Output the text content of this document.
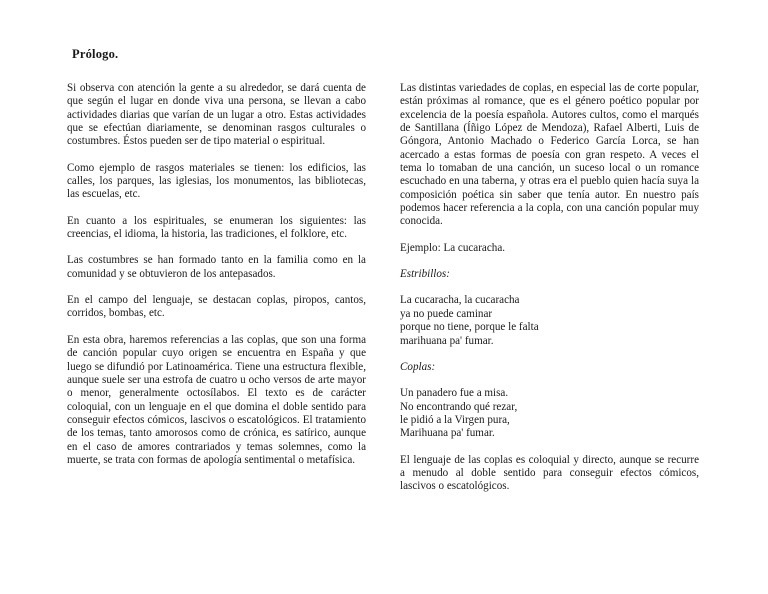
Prólogo.

Si observa con atención la gente a su alrededor, se dará cuenta de que según el lugar en donde viva una persona, se llevan a cabo actividades diarias que varían de un lugar a otro. Estas actividades que se efectúan diariamente, se denominan rasgos culturales o costumbres. Éstos pueden ser de tipo material o espiritual.

Como ejemplo de rasgos materiales se tienen: los edificios, las calles, los parques, las iglesias, los monumentos, las bibliotecas, las escuelas, etc.

En cuanto a los espirituales, se enumeran los siguientes: las creencias, el idioma, la historia, las tradiciones, el folklore, etc.

Las costumbres se han formado tanto en la familia como en la comunidad y se obtuvieron de los antepasados.

En el campo del lenguaje, se destacan coplas, piropos, cantos, corridos, bombas, etc.

En esta obra, haremos referencias a las coplas, que son una forma de canción popular cuyo origen se encuentra en España y que luego se difundió por Latinoamérica. Tiene una estructura flexible, aunque suele ser una estrofa de cuatro u ocho versos de arte mayor o menor, generalmente octosílabos. El texto es de carácter coloquial, con un lenguaje en el que domina el doble sentido para conseguir efectos cómicos, lascivos o escatológicos. El tratamiento de los temas, tanto amorosos como de crónica, es satírico, aunque en el caso de amores contrariados y temas solemnes, como la muerte, se trata con formas de apología sentimental o metafísica.

Las distintas variedades de coplas, en especial las de corte popular, están próximas al romance, que es el género poético popular por excelencia de la poesía española. Autores cultos, como el marqués de Santillana (Íñigo López de Mendoza), Rafael Alberti, Luis de Góngora, Antonio Machado o Federico García Lorca, se han acercado a estas formas de poesía con gran respeto. A veces el tema lo tomaban de una canción, un suceso local o un romance escuchado en una taberna, y otras era el pueblo quien hacía suya la composición poética sin saber que tenía autor. En nuestro país podemos hacer referencia a la copla, con una canción popular muy conocida.

Ejemplo: La cucaracha.

Estribillos:

La cucaracha, la cucaracha
ya no puede caminar
porque no tiene, porque le falta
marihuana pa' fumar.

Coplas:

Un panadero fue a misa.
No encontrando qué rezar,
le pidió a la Virgen pura,
Marihuana pa' fumar.

El lenguaje de las coplas es coloquial y directo, aunque se recurre a menudo al doble sentido para conseguir efectos cómicos, lascivos o escatológicos.
